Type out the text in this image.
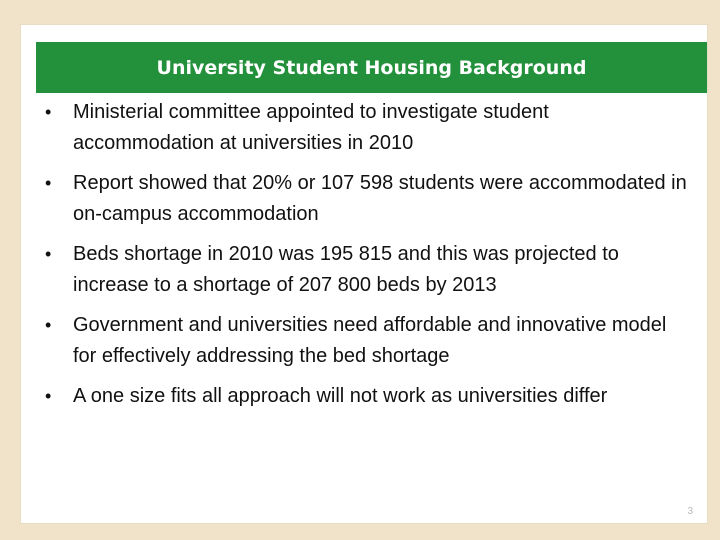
University Student Housing Background
• Ministerial committee appointed to investigate student accommodation at universities in 2010
• Report showed that 20% or 107 598 students were accommodated in on-campus accommodation
• Beds shortage in 2010 was 195 815 and this was projected to increase to a shortage of 207 800 beds by 2013
• Government and universities need affordable and innovative model for effectively addressing the bed shortage
• A one size fits all approach will not work as universities differ
3
